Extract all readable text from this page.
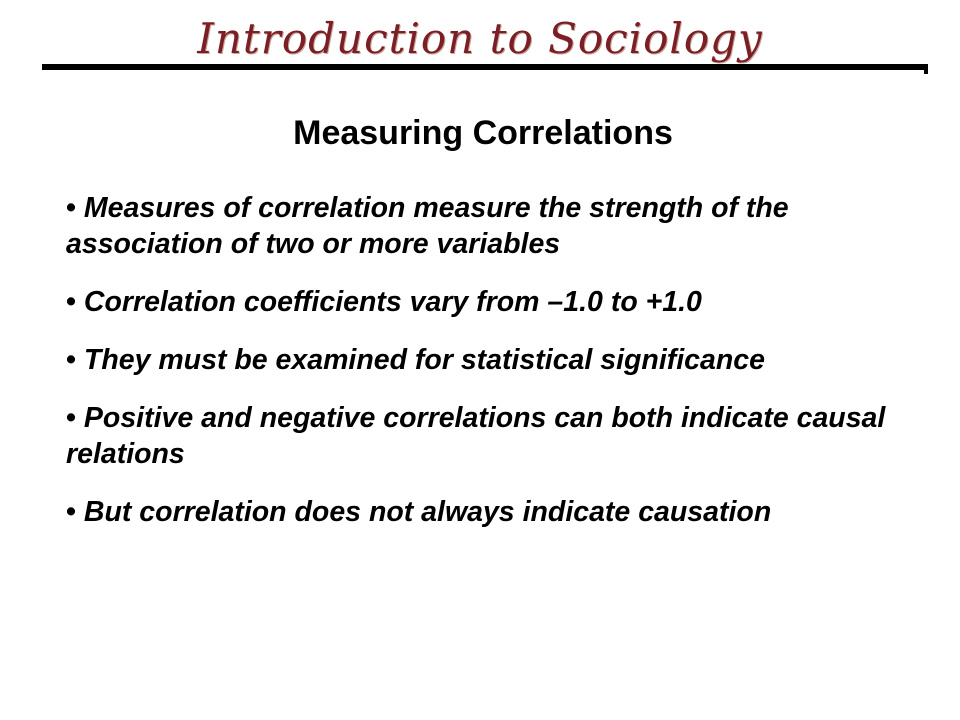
Introduction to Sociology
Measuring Correlations
• Measures of correlation measure the strength of the association of two or more variables
• Correlation coefficients vary from –1.0 to +1.0
• They must be examined for statistical significance
• Positive and negative correlations can both indicate causal relations
• But correlation does not always indicate causation
